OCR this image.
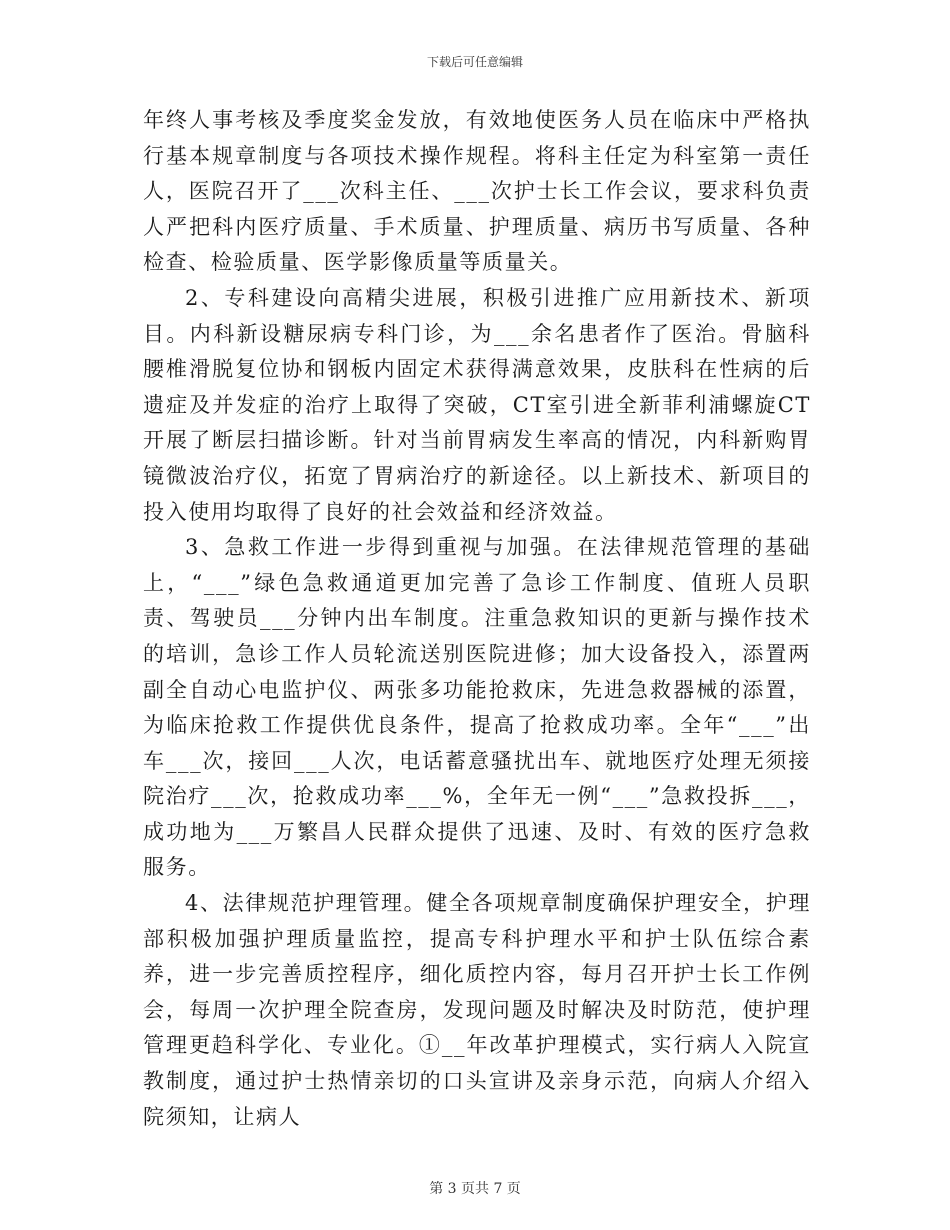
下载后可任意编辑

年终人事考核及季度奖金发放，有效地使医务人员在临床中严格执行基本规章制度与各项技术操作规程。将科主任定为科室第一责任人，医院召开了___次科主任、___次护士长工作会议，要求科负责人严把科内医疗质量、手术质量、护理质量、病历书写质量、各种检查、检验质量、医学影像质量等质量关。

2、专科建设向高精尖进展，积极引进推广应用新技术、新项目。内科新设糖尿病专科门诊，为___余名患者作了医治。骨脑科腰椎滑脱复位协和钢板内固定术获得满意效果，皮肤科在性病的后遗症及并发症的治疗上取得了突破，CT室引进全新菲利浦螺旋CT开展了断层扫描诊断。针对当前胃病发生率高的情况，内科新购胃镜微波治疗仪，拓宽了胃病治疗的新途径。以上新技术、新项目的投入使用均取得了良好的社会效益和经济效益。

3、急救工作进一步得到重视与加强。在法律规范管理的基础上，“___”绿色急救通道更加完善了急诊工作制度、值班人员职责、驾驶员___分钟内出车制度。注重急救知识的更新与操作技术的培训，急诊工作人员轮流送别医院进修；加大设备投入，添置两副全自动心电监护仪、两张多功能抢救床，先进急救器械的添置，为临床抢救工作提供优良条件，提高了抢救成功率。全年“___”出车___次，接回___人次，电话蓄意骚扰出车、就地医疗处理无须接院治疗___次，抢救成功率___%，全年无一例“___”急救投拆___，成功地为___万繁昌人民群众提供了迅速、及时、有效的医疗急救服务。

4、法律规范护理管理。健全各项规章制度确保护理安全，护理部积极加强护理质量监控，提高专科护理水平和护士队伍综合素养，进一步完善质控程序，细化质控内容，每月召开护士长工作例会，每周一次护理全院查房，发现问题及时解决及时防范，使护理管理更趋科学化、专业化。①__年改革护理模式，实行病人入院宣教制度，通过护士热情亲切的口头宣讲及亲身示范，向病人介绍入院须知，让病人

第 3 页共 7 页
